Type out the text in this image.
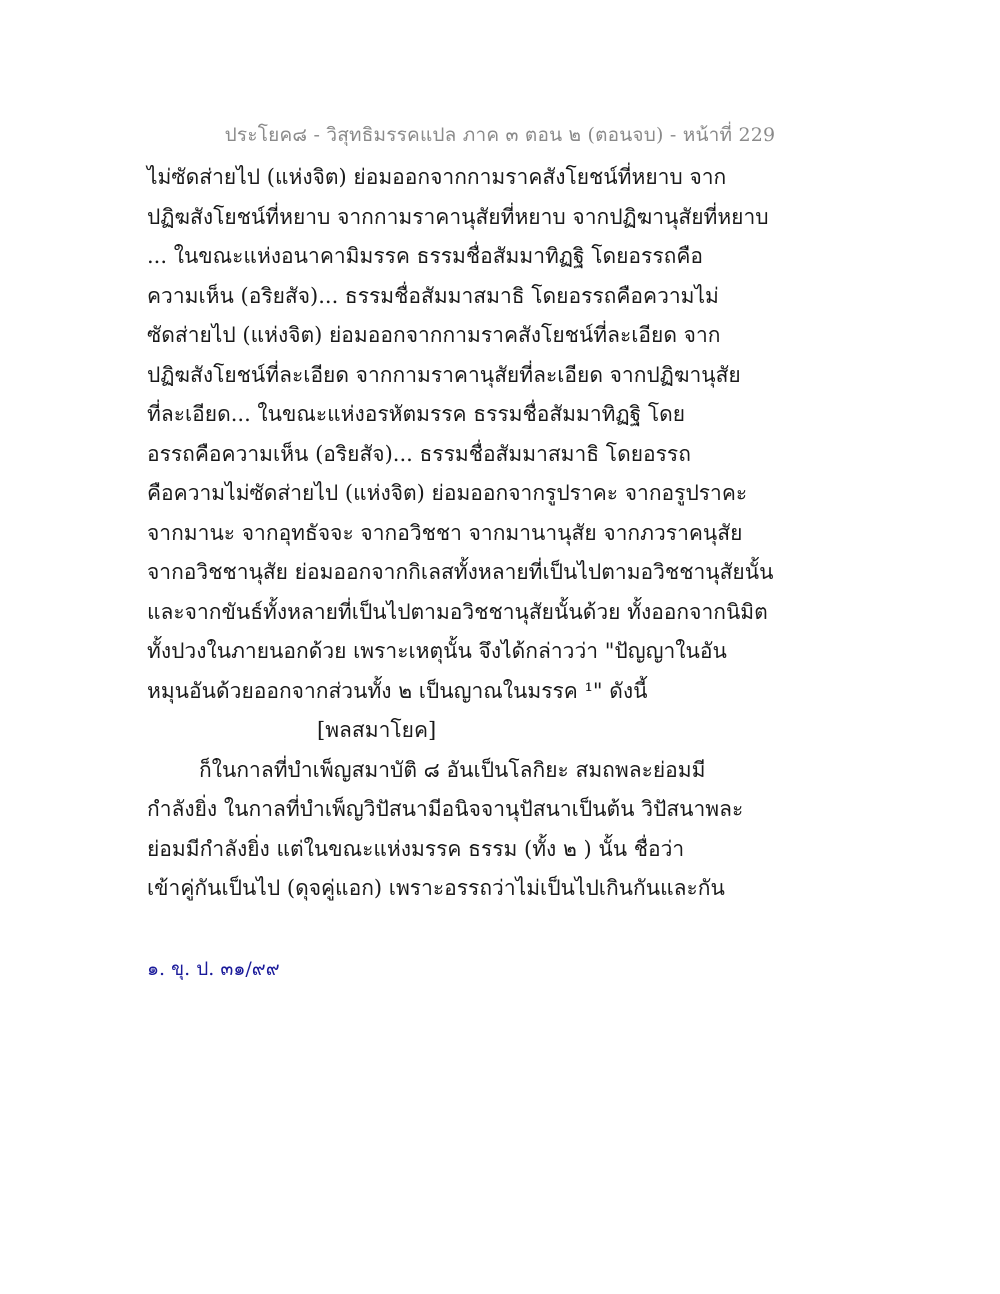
ประโยค๘ - วิสุทธิมรรคแปล ภาค ๓ ตอน ๒ (ตอนจบ) - หน้าที่ 229
ไม่ซัดส่ายไป (แห่งจิต) ย่อมออกจากกามราคสังโยชน์ที่หยาบ จาก
ปฏิฆสังโยชน์ที่หยาบ จากกามราคานุสัยที่หยาบ จากปฏิฆานุสัยที่หยาบ
... ในขณะแห่งอนาคามิมรรค ธรรมชื่อสัมมาทิฏฐิ โดยอรรถคือ
ความเห็น (อริยสัจ)... ธรรมชื่อสัมมาสมาธิ โดยอรรถคือความไม่
ซัดส่ายไป (แห่งจิต) ย่อมออกจากกามราคสังโยชน์ที่ละเอียด จาก
ปฏิฆสังโยชน์ที่ละเอียด จากกามราคานุสัยที่ละเอียด จากปฏิฆานุสัย
ที่ละเอียด... ในขณะแห่งอรหัตมรรค ธรรมชื่อสัมมาทิฏฐิ โดย
อรรถคือความเห็น (อริยสัจ)... ธรรมชื่อสัมมาสมาธิ โดยอรรถ
คือความไม่ซัดส่ายไป (แห่งจิต) ย่อมออกจากรูปราคะ จากอรูปราคะ
จากมานะ จากอุทธัจจะ จากอวิชชา จากมานานุสัย จากภวราคนุสัย
จากอวิชชานุสัย ย่อมออกจากกิเลสทั้งหลายที่เป็นไปตามอวิชชานุสัยนั้น
และจากขันธ์ทั้งหลายที่เป็นไปตามอวิชชานุสัยนั้นด้วย ทั้งออกจากนิมิต
ทั้งปวงในภายนอกด้วย เพราะเหตุนั้น จึงได้กล่าวว่า "ปัญญาในอัน
หมุนอันด้วยออกจากส่วนทั้ง ๒ เป็นญาณในมรรค ¹" ดังนี้
[พลสมาโยค]
ก็ในกาลที่บำเพ็ญสมาบัติ ๘ อันเป็นโลกิยะ สมถพละย่อมมี
กำลังยิ่ง ในกาลที่บำเพ็ญวิปัสนามีอนิจจานุปัสนาเป็นต้น วิปัสนาพละ
ย่อมมีกำลังยิ่ง แต่ในขณะแห่งมรรค ธรรม (ทั้ง ๒ ) นั้น ชื่อว่า
เข้าคู่กันเป็นไป (ดุจคู่แอก) เพราะอรรถว่าไม่เป็นไปเกินกันและกัน
๑. ขุ. ป. ๓๑/๙๙
